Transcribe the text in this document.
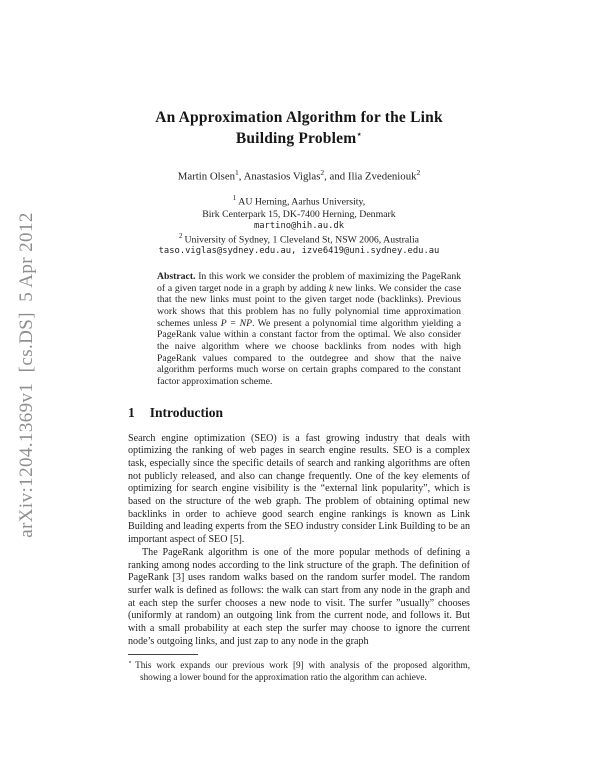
arXiv:1204.1369v1  [cs.DS]  5 Apr 2012
An Approximation Algorithm for the Link
Building Problem⋆
Martin Olsen$^1$, Anastasios Viglas$^2$, and Ilia Zvedeniouk$^2$
$^1$ AU Herning, Aarhus University,
Birk Centerpark 15, DK-7400 Herning, Denmark
martino@hih.au.dk
$^2$ University of Sydney, 1 Cleveland St, NSW 2006, Australia
taso.viglas@sydney.edu.au, izve6419@uni.sydney.edu.au
Abstract. In this work we consider the problem of maximizing the PageRank of a given target node in a graph by adding k new links. We consider the case that the new links must point to the given target node (backlinks). Previous work shows that this problem has no fully polynomial time approximation schemes unless P = NP. We present a polynomial time algorithm yielding a PageRank value within a constant factor from the optimal. We also consider the naive algorithm where we choose backlinks from nodes with high PageRank values compared to the outdegree and show that the naive algorithm performs much worse on certain graphs compared to the constant factor approximation scheme.
1 Introduction

Search engine optimization (SEO) is a fast growing industry that deals with optimizing the ranking of web pages in search engine results. SEO is a complex task, especially since the specific details of search and ranking algorithms are often not publicly released, and also can change frequently. One of the key elements of optimizing for search engine visibility is the “external link popularity”, which is based on the structure of the web graph. The problem of obtaining optimal new backlinks in order to achieve good search engine rankings is known as Link Building and leading experts from the SEO industry consider Link Building to be an important aspect of SEO [5].

The PageRank algorithm is one of the more popular methods of defining a ranking among nodes according to the link structure of the graph. The definition of PageRank [3] uses random walks based on the random surfer model. The random surfer walk is defined as follows: the walk can start from any node in the graph and at each step the surfer chooses a new node to visit. The surfer ”usually” chooses (uniformly at random) an outgoing link from the current node, and follows it. But with a small probability at each step the surfer may choose to ignore the current node’s outgoing links, and just zap to any node in the graph

⋆ This work expands our previous work [9] with analysis of the proposed algorithm, showing a lower bound for the approximation ratio the algorithm can achieve.
